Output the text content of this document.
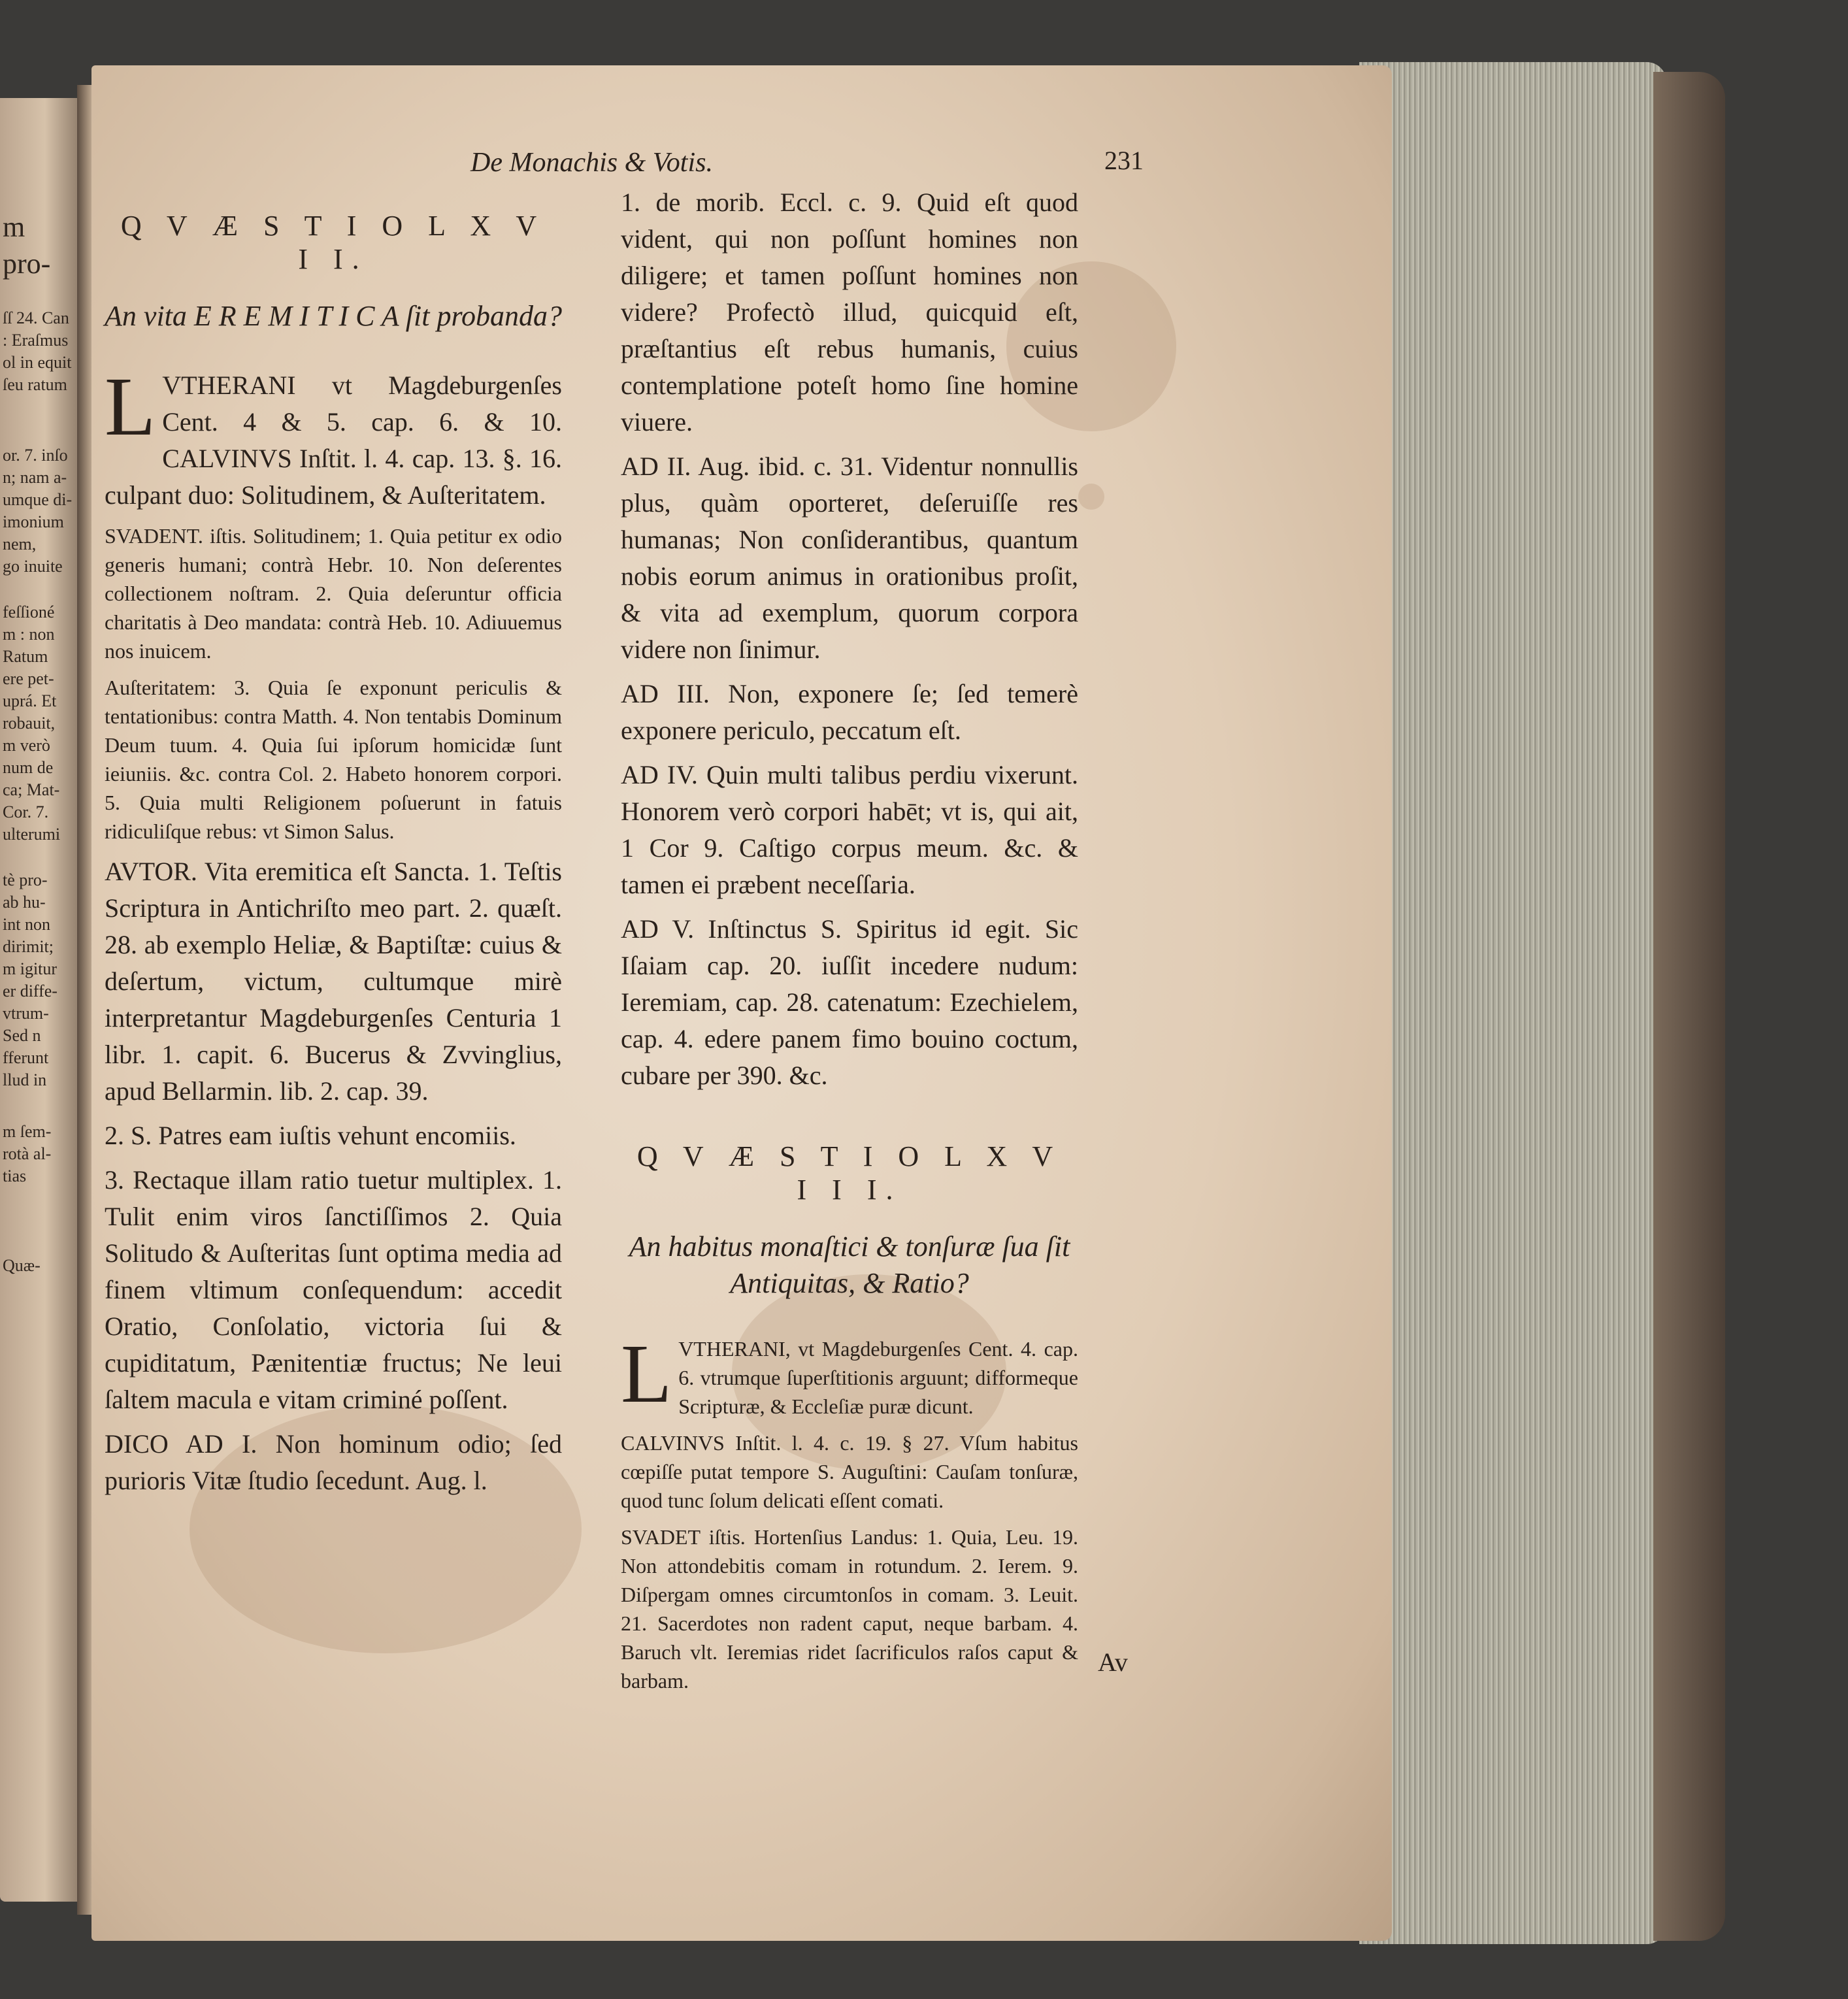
m pro-
ſſ 24. Can
: Eraſmus
ol in equit
ſeu ratum
or. 7. inſo
n; nam a-
umque di-
imonium
nem,
go inuite
feſſioné
m : non
Ratum
ere pet-
uprá. Et
robauit,
m verò
num de
ca; Mat-
Cor. 7.
ulterumi
tè pro-
ab hu-
int non
dirimit;
m igitur
er diffe-
vtrum-
Sed n
fferunt
llud in
m ſem-
rotà al-
tias
Quæ-
De Monachis & Votis.	231
Q V Æ S T I O L X V I I.
An vita E R E M I T I C A ſit probanda?

LVTHERANI vt Magdeburgenſes Cent. 4 & 5. cap. 6. & 10. CALVINVS Inſtit. l. 4. cap. 13. §. 16. culpant duo: Solitudinem, & Auſteritatem.

SVADENT. iſtis. Solitudinem; 1. Quia petitur ex odio generis humani; contrà Hebr. 10. Non deſerentes collectionem noſtram. 2. Quia deſeruntur officia charitatis à Deo mandata: contrà Heb. 10. Adiuuemus nos inuicem.

Auſteritatem: 3. Quia ſe exponunt periculis & tentationibus: contra Matth. 4. Non tentabis Dominum Deum tuum. 4. Quia ſui ipſorum homicidæ ſunt ieiuniis. &c. contra Col. 2. Habeto honorem corpori. 5. Quia multi Religionem poſuerunt in fatuis ridiculiſque rebus: vt Simon Salus.

AVTOR. Vita eremitica eſt Sancta. 1. Teſtis Scriptura in Antichriſto meo part. 2. quæſt. 28. ab exemplo Heliæ, & Baptiſtæ: cuius & deſertum, victum, cultumque mirè interpretantur Magdeburgenſes Centuria 1 libr. 1. capit. 6. Bucerus & Zvvinglius, apud Bellarmin. lib. 2. cap. 39.

2. S. Patres eam iuſtis vehunt encomiis.

3. Rectaque illam ratio tuetur multiplex. 1. Tulit enim viros ſanctiſſimos 2. Quia Solitudo & Auſteritas ſunt optima media ad finem vltimum conſequendum: accedit Oratio, Conſolatio, victoria ſui & cupiditatum, Pænitentiæ fructus; Ne leui ſaltem macula e vitam criminé poſſent.

DICO AD I. Non hominum odio; ſed purioris Vitæ ſtudio ſecedunt. Aug. l.

1. de morib. Eccl. c. 9. Quid eſt quod vident, qui non poſſunt homines non diligere; et tamen poſſunt homines non videre? Profectò illud, quicquid eſt, præſtantius eſt rebus humanis, cuius contemplatione poteſt homo ſine homine viuere.

AD II. Aug. ibid. c. 31. Videntur nonnullis plus, quàm oporteret, deſeruiſſe res humanas; Non conſiderantibus, quantum nobis eorum animus in orationibus proſit, & vita ad exemplum, quorum corpora videre non ſinimur.

AD III. Non, exponere ſe; ſed temerè exponere periculo, peccatum eſt.

AD IV. Quin multi talibus perdiu vixerunt. Honorem verò corpori habēt; vt is, qui ait, 1 Cor 9. Caſtigo corpus meum. &c. & tamen ei præbent neceſſaria.

AD V. Inſtinctus S. Spiritus id egit. Sic Iſaiam cap. 20. iuſſit incedere nudum: Ieremiam, cap. 28. catenatum: Ezechielem, cap. 4. edere panem fimo bouino coctum, cubare per 390. &c.

Q V Æ S T I O L X V I I I.
An habitus monaſtici & tonſuræ ſua ſit Antiquitas, & Ratio?

LVTHERANI, vt Magdeburgenſes Cent. 4. cap. 6. vtrumque ſuperſtitionis arguunt; difformeque Scripturæ, & Eccleſiæ puræ dicunt.

CALVINVS Inſtit. l. 4. c. 19. § 27. Vſum habitus cœpiſſe putat tempore S. Auguſtini: Cauſam tonſuræ, quod tunc ſolum delicati eſſent comati.

SVADET iſtis. Hortenſius Landus: 1. Quia, Leu. 19. Non attondebitis comam in rotundum. 2. Ierem. 9. Diſpergam omnes circumtonſos in comam. 3. Leuit. 21. Sacerdotes non radent caput, neque barbam. 4. Baruch vlt. Ieremias ridet ſacrificulos raſos caput & barbam.

Av
